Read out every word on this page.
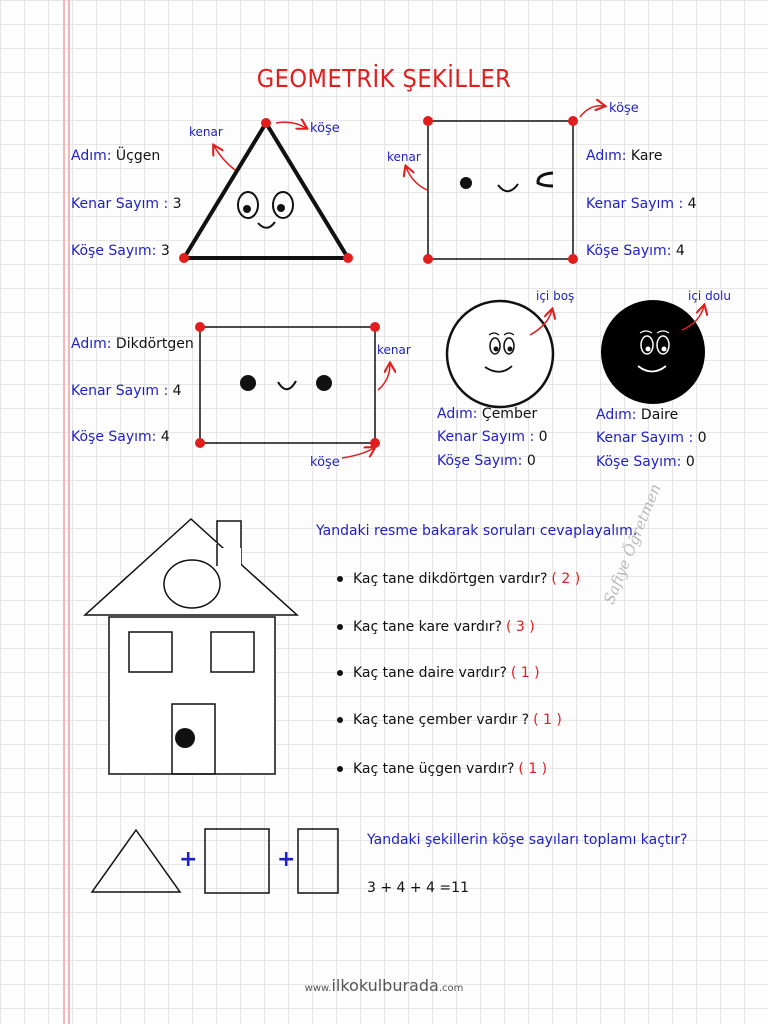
GEOMETRİK ŞEKİLLER
kenar	köşe
kenar
köşe
kenar
köşe
içi boş	içi dolu
Adım: Üçgen
Kenar Sayım : 3
Köşe Sayım: 3
Adım: Kare
Kenar Sayım : 4
Köşe Sayım: 4
Adım: Dikdörtgen
Kenar Sayım : 4
Köşe Sayım: 4
Adım: Çember
Kenar Sayım : 0
Köşe Sayım: 0
Adım: Daire
Kenar Sayım : 0
Köşe Sayım: 0
Yandaki resme bakarak soruları cevaplayalım.
Kaç tane dikdörtgen vardır? ( 2 )
Kaç tane kare vardır? ( 3 )
Kaç tane daire vardır? ( 1 )
Kaç tane çember vardır ? ( 1 )
Kaç tane üçgen vardır? ( 1 )
Safiye Öğretmen
+	+
Yandaki şekillerin köşe sayıları toplamı kaçtır?
3 + 4 + 4 =11
www.ilkokulburada.com
